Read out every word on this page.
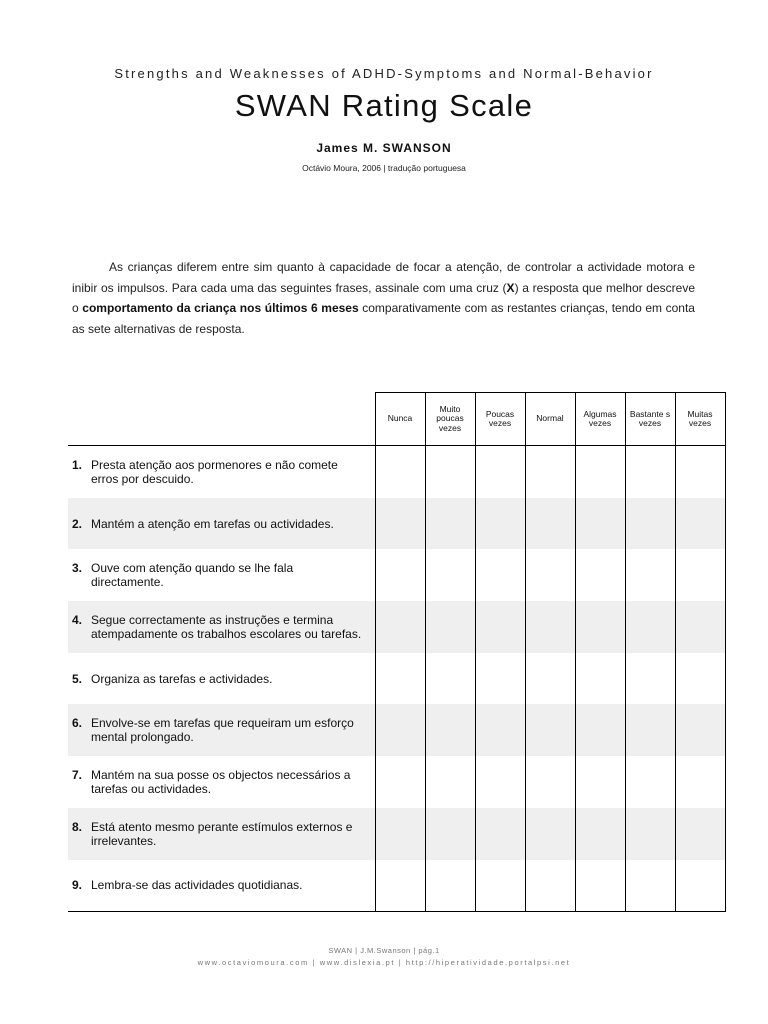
Strengths and Weaknesses of ADHD-Symptoms and Normal-Behavior
SWAN Rating Scale
James M. SWANSON
Octávio Moura, 2006 | tradução portuguesa
As crianças diferem entre sim quanto à capacidade de focar a atenção, de controlar a actividade motora e inibir os impulsos. Para cada uma das seguintes frases, assinale com uma cruz (X) a resposta que melhor descreve o comportamento da criança nos últimos 6 meses comparativamente com as restantes crianças, tendo em conta as sete alternativas de resposta.
	Nunca	Muito poucas vezes	Poucas vezes	Normal	Algumas vezes	Bastante s vezes	Muitas vezes

1. Presta atenção aos pormenores e não comete erros por descuido.							

2. Mantém a atenção em tarefas ou actividades.							

3. Ouve com atenção quando se lhe fala directamente.							

4. Segue correctamente as instruções e termina atempadamente os trabalhos escolares ou tarefas.							

5. Organiza as tarefas e actividades.							

6. Envolve-se em tarefas que requeiram um esforço mental prolongado.							

7. Mantém na sua posse os objectos necessários a tarefas ou actividades.							

8. Está atento mesmo perante estímulos externos e irrelevantes.							

9. Lembra-se das actividades quotidianas.							

SWAN | J.M.Swanson | pág.1
www.octaviomoura.com | www.dislexia.pt | http://hiperatividade.portalpsi.net
